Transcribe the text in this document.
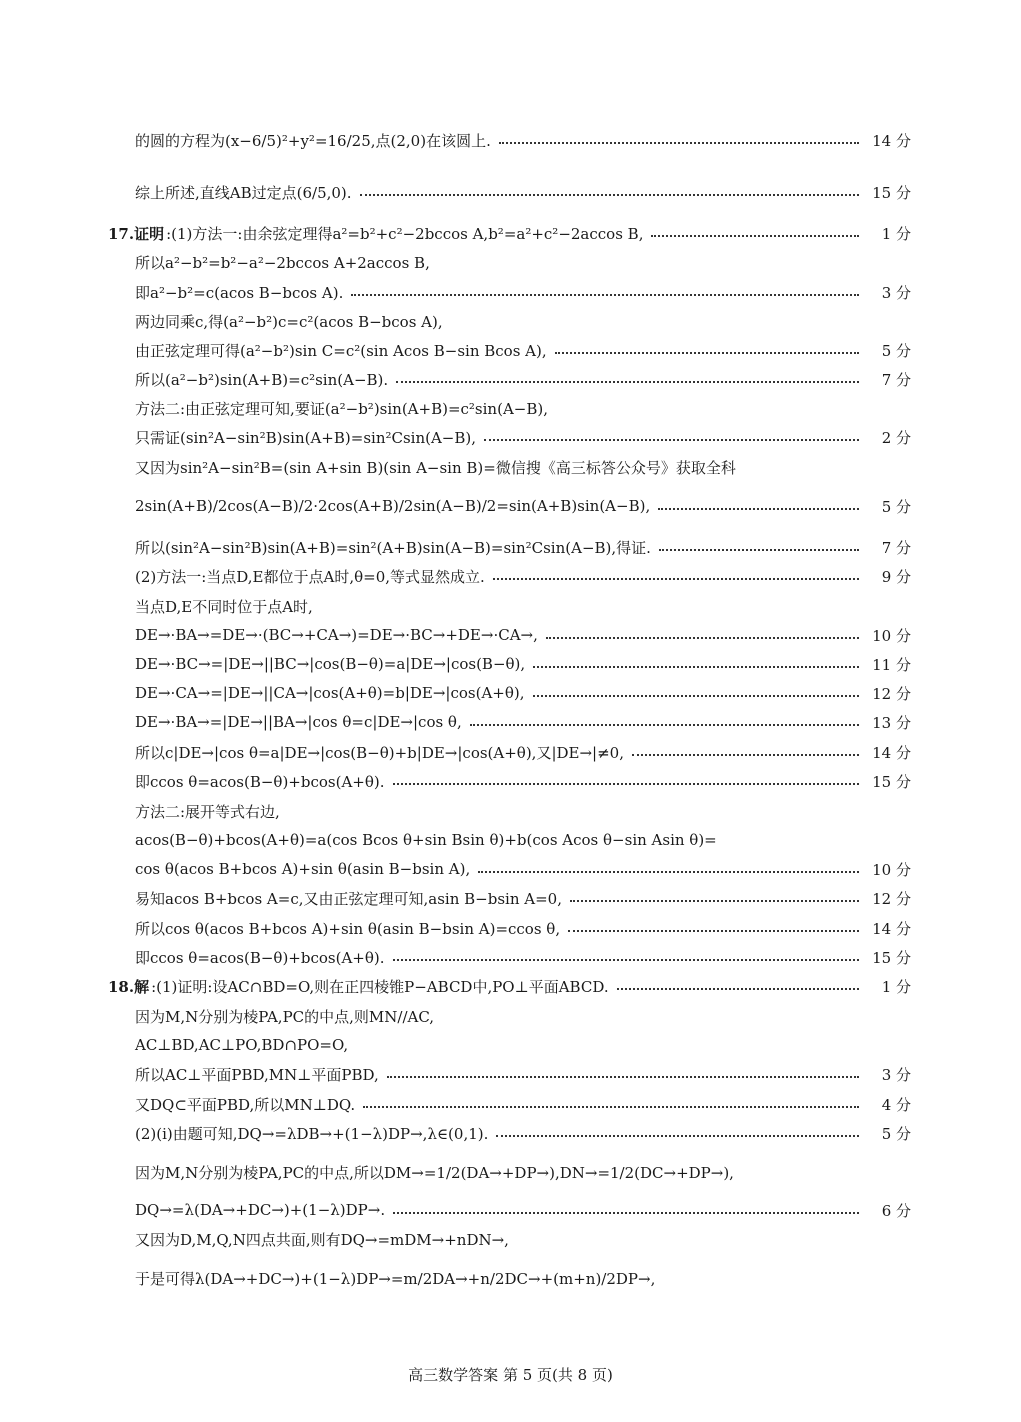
的圆的方程为(x−6/5)²+y²=16/25,点(2,0)在该圆上.	14 分
综上所述,直线AB过定点(6/5,0).	15 分
17.证明 :(1)方法一:由余弦定理得a²=b²+c²−2bccos A,b²=a²+c²−2accos B,	1 分
所以a²−b²=b²−a²−2bccos A+2accos B,
即a²−b²=c(acos B−bcos A).	3 分
两边同乘c,得(a²−b²)c=c²(acos B−bcos A),
由正弦定理可得(a²−b²)sin C=c²(sin Acos B−sin Bcos A),	5 分
所以(a²−b²)sin(A+B)=c²sin(A−B).	7 分
方法二:由正弦定理可知,要证(a²−b²)sin(A+B)=c²sin(A−B),
只需证(sin²A−sin²B)sin(A+B)=sin²Csin(A−B),	2 分
又因为sin²A−sin²B=(sin A+sin B)(sin A−sin B)=微信搜《高三标答公众号》获取全科
2sin(A+B)/2cos(A−B)/2·2cos(A+B)/2sin(A−B)/2=sin(A+B)sin(A−B),	5 分
所以(sin²A−sin²B)sin(A+B)=sin²(A+B)sin(A−B)=sin²Csin(A−B),得证.	7 分
(2)方法一:当点D,E都位于点A时,θ=0,等式显然成立.	9 分
当点D,E不同时位于点A时,
DE→·BA→=DE→·(BC→+CA→)=DE→·BC→+DE→·CA→,	10 分
DE→·BC→=|DE→||BC→|cos(B−θ)=a|DE→|cos(B−θ),	11 分
DE→·CA→=|DE→||CA→|cos(A+θ)=b|DE→|cos(A+θ),	12 分
DE→·BA→=|DE→||BA→|cos θ=c|DE→|cos θ,	13 分
所以c|DE→|cos θ=a|DE→|cos(B−θ)+b|DE→|cos(A+θ),又|DE→|≠0,	14 分
即ccos θ=acos(B−θ)+bcos(A+θ).	15 分
方法二:展开等式右边,
acos(B−θ)+bcos(A+θ)=a(cos Bcos θ+sin Bsin θ)+b(cos Acos θ−sin Asin θ)=
cos θ(acos B+bcos A)+sin θ(asin B−bsin A),	10 分
易知acos B+bcos A=c,又由正弦定理可知,asin B−bsin A=0,	12 分
所以cos θ(acos B+bcos A)+sin θ(asin B−bsin A)=ccos θ,	14 分
即ccos θ=acos(B−θ)+bcos(A+θ).	15 分
18.解 :(1)证明:设AC∩BD=O,则在正四棱锥P−ABCD中,PO⊥平面ABCD.	1 分
因为M,N分别为棱PA,PC的中点,则MN//AC,
AC⊥BD,AC⊥PO,BD∩PO=O,
所以AC⊥平面PBD,MN⊥平面PBD,	3 分
又DQ⊂平面PBD,所以MN⊥DQ.	4 分
(2)(i)由题可知,DQ→=λDB→+(1−λ)DP→,λ∈(0,1).	5 分
因为M,N分别为棱PA,PC的中点,所以DM→=1/2(DA→+DP→),DN→=1/2(DC→+DP→),
DQ→=λ(DA→+DC→)+(1−λ)DP→.	6 分
又因为D,M,Q,N四点共面,则有DQ→=mDM→+nDN→,
于是可得λ(DA→+DC→)+(1−λ)DP→=m/2DA→+n/2DC→+(m+n)/2DP→,
高三数学答案 第 5 页(共 8 页)
